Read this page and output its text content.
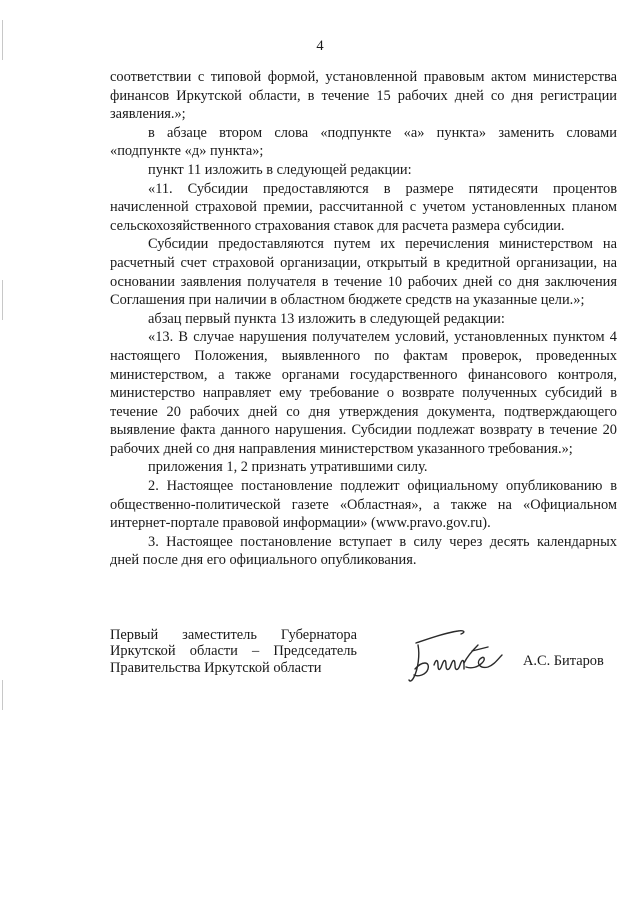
4

соответствии с типовой формой, установленной правовым актом министерства финансов Иркутской области, в течение 15 рабочих дней со дня регистрации заявления.»;

в абзаце втором слова «подпункте «а» пункта» заменить словами «подпункте «д» пункта»;

пункт 11 изложить в следующей редакции:

«11. Субсидии предоставляются в размере пятидесяти процентов начисленной страховой премии, рассчитанной с учетом установленных планом сельскохозяйственного страхования ставок для расчета размера субсидии.

Субсидии предоставляются путем их перечисления министерством на расчетный счет страховой организации, открытый в кредитной организации, на основании заявления получателя в течение 10 рабочих дней со дня заключения Соглашения при наличии в областном бюджете средств на указанные цели.»;

абзац первый пункта 13 изложить в следующей редакции:

«13. В случае нарушения получателем условий, установленных пунктом 4 настоящего Положения, выявленного по фактам проверок, проведенных министерством, а также органами государственного финансового контроля, министерство направляет ему требование о возврате полученных субсидий в течение 20 рабочих дней со дня утверждения документа, подтверждающего выявление факта данного нарушения. Субсидии подлежат возврату в течение 20 рабочих дней со дня направления министерством указанного требования.»;

приложения 1, 2 признать утратившими силу.

2. Настоящее постановление подлежит официальному опубликованию в общественно-политической газете «Областная», а также на «Официальном интернет-портале правовой информации» (www.pravo.gov.ru).

3. Настоящее постановление вступает в силу через десять календарных дней после дня его официального опубликования.

Первый заместитель Губернатора
Иркутской области – Председатель
Правительства Иркутской области	А.С. Битаров
